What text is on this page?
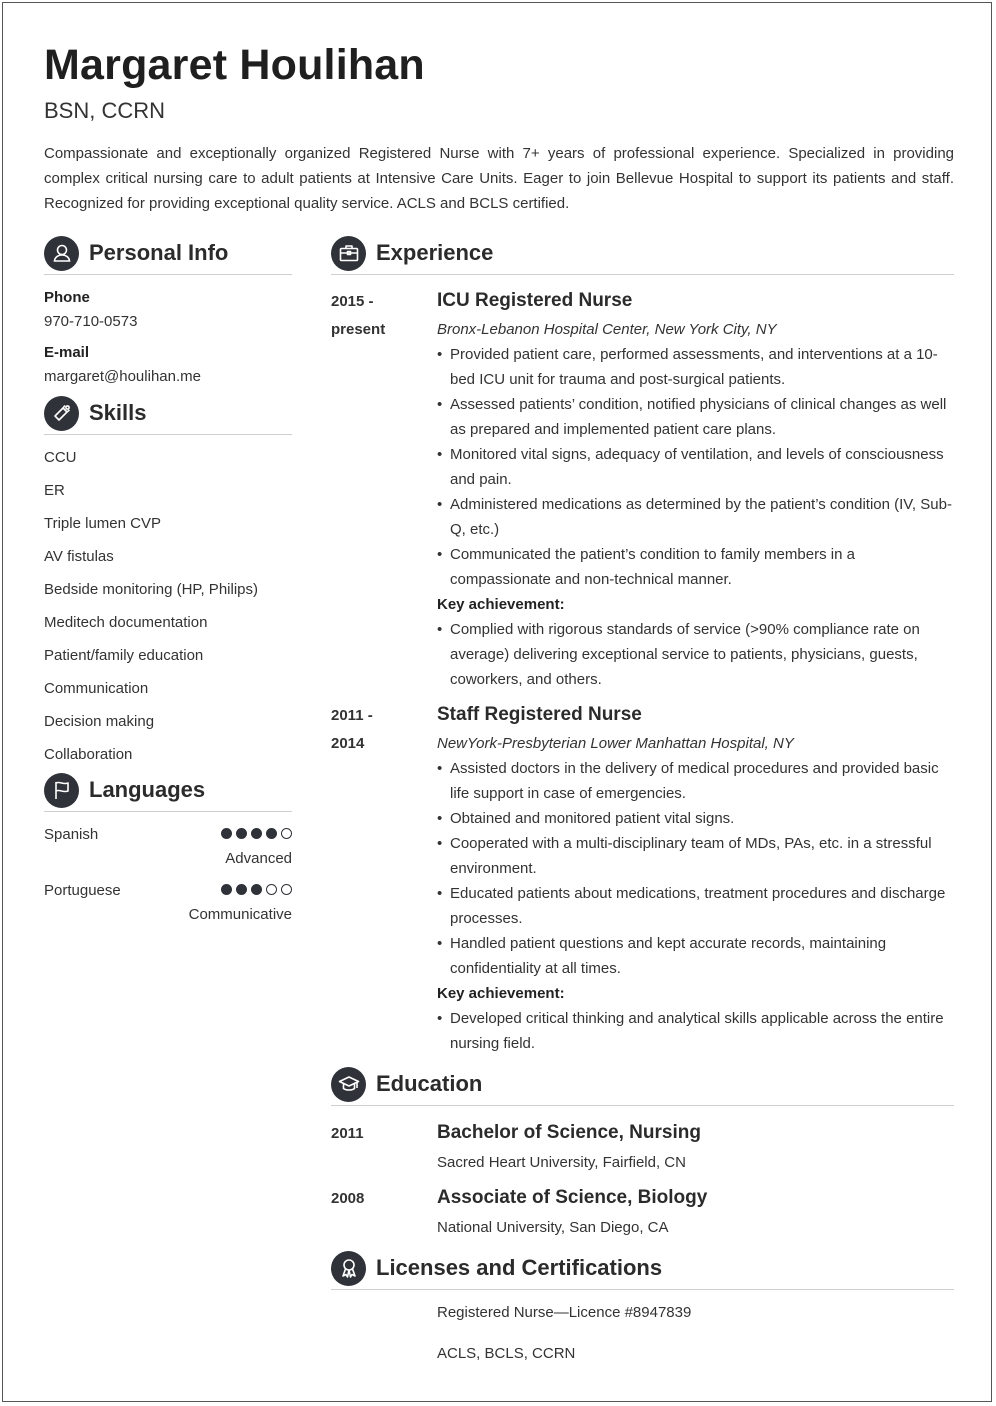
Margaret Houlihan
BSN, CCRN
Compassionate and exceptionally organized Registered Nurse with 7+ years of professional experience. Specialized in providing complex critical nursing care to adult patients at Intensive Care Units. Eager to join Bellevue Hospital to support its patients and staff. Recognized for providing exceptional quality service. ACLS and BCLS certified.
Personal Info
Phone
970-710-0573
E-mail
margaret@houlihan.me
Skills
CCU
ER
Triple lumen CVP
AV fistulas
Bedside monitoring (HP, Philips)
Meditech documentation
Patient/family education
Communication
Decision making
Collaboration
Languages
Spanish
Advanced
Portuguese
Communicative
Experience
2015 -
present
ICU Registered Nurse
Bronx-Lebanon Hospital Center, New York City, NY
• Provided patient care, performed assessments, and interventions at a 10-bed ICU unit for trauma and post-surgical patients.
• Assessed patients’ condition, notified physicians of clinical changes as well as prepared and implemented patient care plans.
• Monitored vital signs, adequacy of ventilation, and levels of consciousness and pain.
• Administered medications as determined by the patient’s condition (IV, Sub-Q, etc.)
• Communicated the patient’s condition to family members in a compassionate and non-technical manner.
Key achievement:
• Complied with rigorous standards of service (>90% compliance rate on average) delivering exceptional service to patients, physicians, guests, coworkers, and others.
2011 -
2014
Staff Registered Nurse
NewYork-Presbyterian Lower Manhattan Hospital, NY
• Assisted doctors in the delivery of medical procedures and provided basic life support in case of emergencies.
• Obtained and monitored patient vital signs.
• Cooperated with a multi-disciplinary team of MDs, PAs, etc. in a stressful environment.
• Educated patients about medications, treatment procedures and discharge processes.
• Handled patient questions and kept accurate records, maintaining confidentiality at all times.
Key achievement:
• Developed critical thinking and analytical skills applicable across the entire nursing field.
Education
2011	Bachelor of Science, Nursing
Sacred Heart University, Fairfield, CN
2008	Associate of Science, Biology
National University, San Diego, CA
Licenses and Certifications
Registered Nurse—Licence #8947839
ACLS, BCLS, CCRN
